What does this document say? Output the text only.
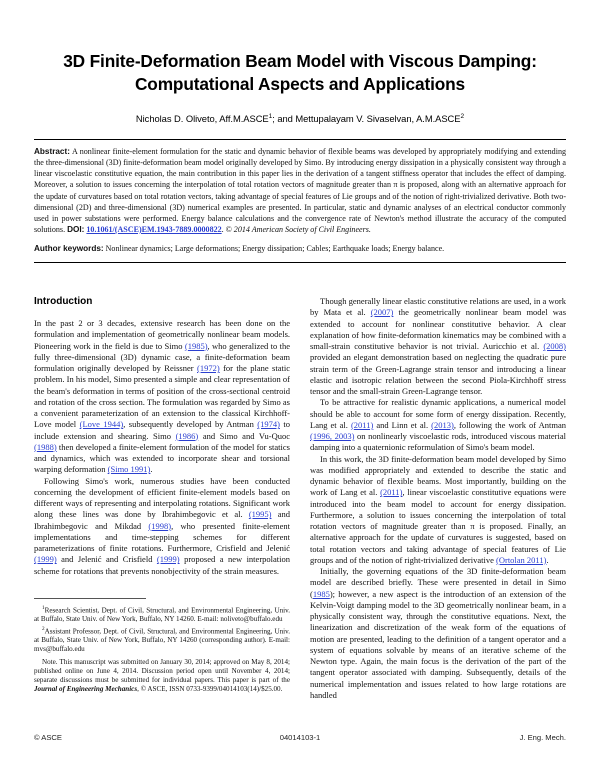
3D Finite-Deformation Beam Model with Viscous Damping:
Computational Aspects and Applications
Nicholas D. Oliveto, Aff.M.ASCE$^1$; and Mettupalayam V. Sivaselvan, A.M.ASCE$^2$

Abstract: A nonlinear finite-element formulation for the static and dynamic behavior of flexible beams was developed by appropriately modifying and extending the three-dimensional (3D) finite-deformation beam model originally developed by Simo. By introducing energy dissipation in a physically consistent way through a linear viscoelastic constitutive equation, the main contribution in this paper lies in the derivation of a tangent stiffness operator that includes the effect of damping. Moreover, a solution to issues concerning the interpolation of total rotation vectors of magnitude greater than π is proposed, along with an alternative approach for the update of curvatures based on total rotation vectors, taking advantage of special features of Lie groups and of the notion of right-trivialized derivative. Both two-dimensional (2D) and three-dimensional (3D) numerical examples are presented. In particular, static and dynamic analyses of an electrical conductor commonly used in power substations were performed. Energy balance calculations and the convergence rate of Newton's method illustrate the accuracy of the computed solutions. DOI: 10.1061/(ASCE)EM.1943-7889.0000822. © 2014 American Society of Civil Engineers.

Author keywords: Nonlinear dynamics; Large deformations; Energy dissipation; Cables; Earthquake loads; Energy balance.

Introduction

In the past 2 or 3 decades, extensive research has been done on the formulation and implementation of geometrically nonlinear beam models. Pioneering work in the field is due to Simo (1985), who generalized to the fully three-dimensional (3D) dynamic case, a finite-deformation beam formulation originally developed by Reissner (1972) for the plane static problem. In his model, Simo presented a simple and clear representation of the beam's deformation in terms of position of the cross-sectional centroid and rotation of the cross section. The formulation was regarded by Simo as a convenient parameterization of an extension to the classical Kirchhoff-Love model (Love 1944), subsequently developed by Antman (1974) to include extension and shearing. Simo (1986) and Simo and Vu-Quoc (1988) then developed a finite-element formulation of the model for statics and dynamics, which was extended to incorporate shear and torsional warping deformation (Simo 1991).

Following Simo's work, numerous studies have been conducted concerning the development of efficient finite-element models based on different ways of representing and interpolating rotations. Significant work along these lines was done by Ibrahimbegovic et al. (1995) and Ibrahimbegovic and Mikdad (1998), who presented finite-element implementations and time-stepping schemes for different parameterizations of finite rotations. Furthermore, Crisfield and Jelenić (1999) and Jelenić and Crisfield (1999) proposed a new interpolation scheme for rotations that prevents nonobjectivity of the strain measures.

Though generally linear elastic constitutive relations are used, in a work by Mata et al. (2007) the geometrically nonlinear beam model was extended to account for nonlinear constitutive behavior. A clear explanation of how finite-deformation kinematics may be combined with a small-strain constitutive behavior is not trivial. Auricchio et al. (2008) provided an elegant demonstration based on neglecting the quadratic pure strain term of the Green-Lagrange strain tensor and introducing a linear elastic and isotropic relation between the second Piola-Kirchhoff stress tensor and the small-strain Green-Lagrange tensor.

To be attractive for realistic dynamic applications, a numerical model should be able to account for some form of energy dissipation. Recently, Lang et al. (2011) and Linn et al. (2013), following the work of Antman (1996, 2003) on nonlinearly viscoelastic rods, introduced viscous material damping into a quaternionic reformulation of Simo's beam model.

In this work, the 3D finite-deformation beam model developed by Simo was modified appropriately and extended to describe the static and dynamic behavior of flexible beams. Most importantly, building on the work of Lang et al. (2011), linear viscoelastic constitutive equations were introduced into the beam model to account for energy dissipation. Furthermore, a solution to issues concerning the interpolation of total rotation vectors of magnitude greater than π is proposed. Finally, an alternative approach for the update of curvatures is suggested, based on total rotation vectors and taking advantage of special features of Lie groups and of the notion of right-trivialized derivative (Ortolan 2011).

Initially, the governing equations of the 3D finite-deformation beam model are described briefly. These were presented in detail in Simo (1985); however, a new aspect is the introduction of an extension of the Kelvin-Voigt damping model to the 3D geometrically nonlinear beam, in a physically consistent way, through the constitutive equations. Next, the linearization and discretization of the weak form of the equations of motion are presented, leading to the definition of a tangent operator and a system of equations solvable by means of an iterative scheme of the Newton type. Again, the main focus is the derivation of the part of the tangent operator associated with damping. Subsequently, details of the numerical implementation and issues related to how large rotations are handled

$^1$Research Scientist, Dept. of Civil, Structural, and Environmental Engineering, Univ. at Buffalo, State Univ. of New York, Buffalo, NY 14260. E-mail: noliveto@buffalo.edu

$^2$Assistant Professor, Dept. of Civil, Structural, and Environmental Engineering, Univ. at Buffalo, State Univ. of New York, Buffalo, NY 14260 (corresponding author). E-mail: mvs@buffalo.edu

Note. This manuscript was submitted on January 30, 2014; approved on May 8, 2014; published online on June 4, 2014. Discussion period open until November 4, 2014; separate discussions must be submitted for individual papers. This paper is part of the Journal of Engineering Mechanics, © ASCE, ISSN 0733-9399/04014103(14)/$25.00.

© ASCE	04014103-1	J. Eng. Mech.
